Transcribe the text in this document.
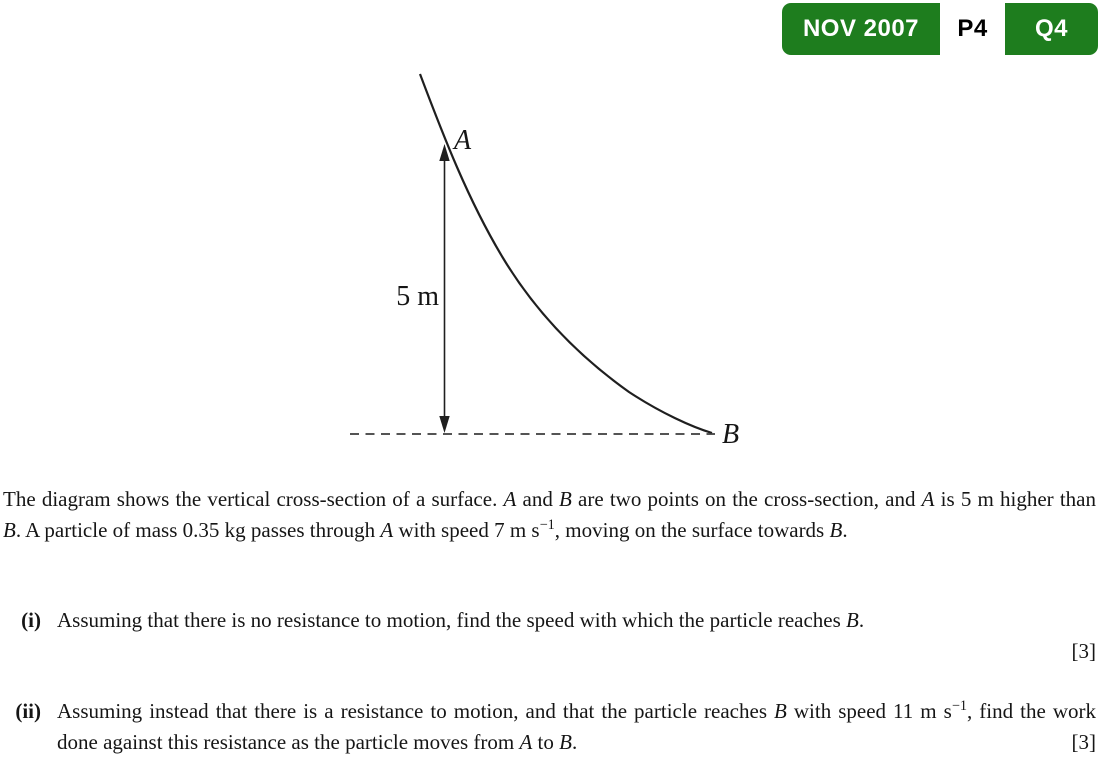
NOV 2007	P4	Q4
A
B
5 m
The diagram shows the vertical cross-section of a surface. A and B are two points on the cross-section, and A is 5 m higher than B. A particle of mass 0.35 kg passes through A with speed 7 m $s^{-1}$, moving on the surface towards B.
(i) Assuming that there is no resistance to motion, find the speed with which the particle reaches B.
[3]
(ii) Assuming instead that there is a resistance to motion, and that the particle reaches B with speed 11 m $s^{-1}$, find the work done against this resistance as the particle moves from A to B.	[3]
